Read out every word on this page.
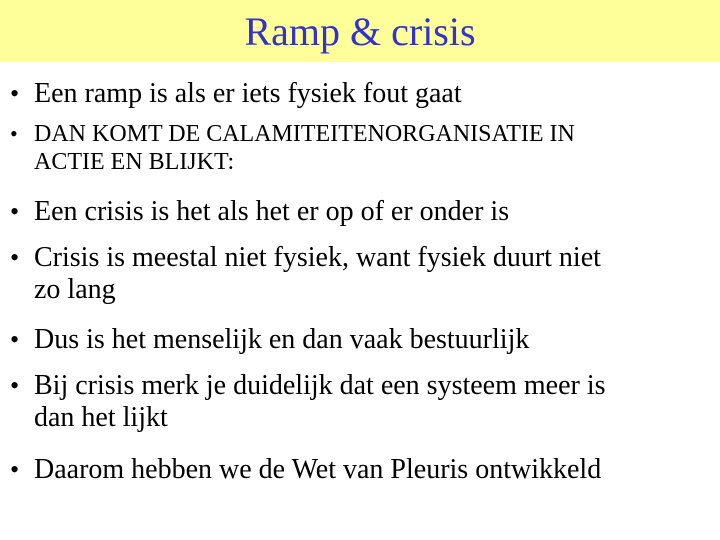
Ramp & crisis
• Een ramp is als er iets fysiek fout gaat
• DAN KOMT DE CALAMITEITENORGANISATIE IN
ACTIE EN BLIJKT:
• Een crisis is het als het er op of er onder is
• Crisis is meestal niet fysiek, want fysiek duurt niet
zo lang
• Dus is het menselijk en dan vaak bestuurlijk
• Bij crisis merk je duidelijk dat een systeem meer is
dan het lijkt
• Daarom hebben we de Wet van Pleuris ontwikkeld
